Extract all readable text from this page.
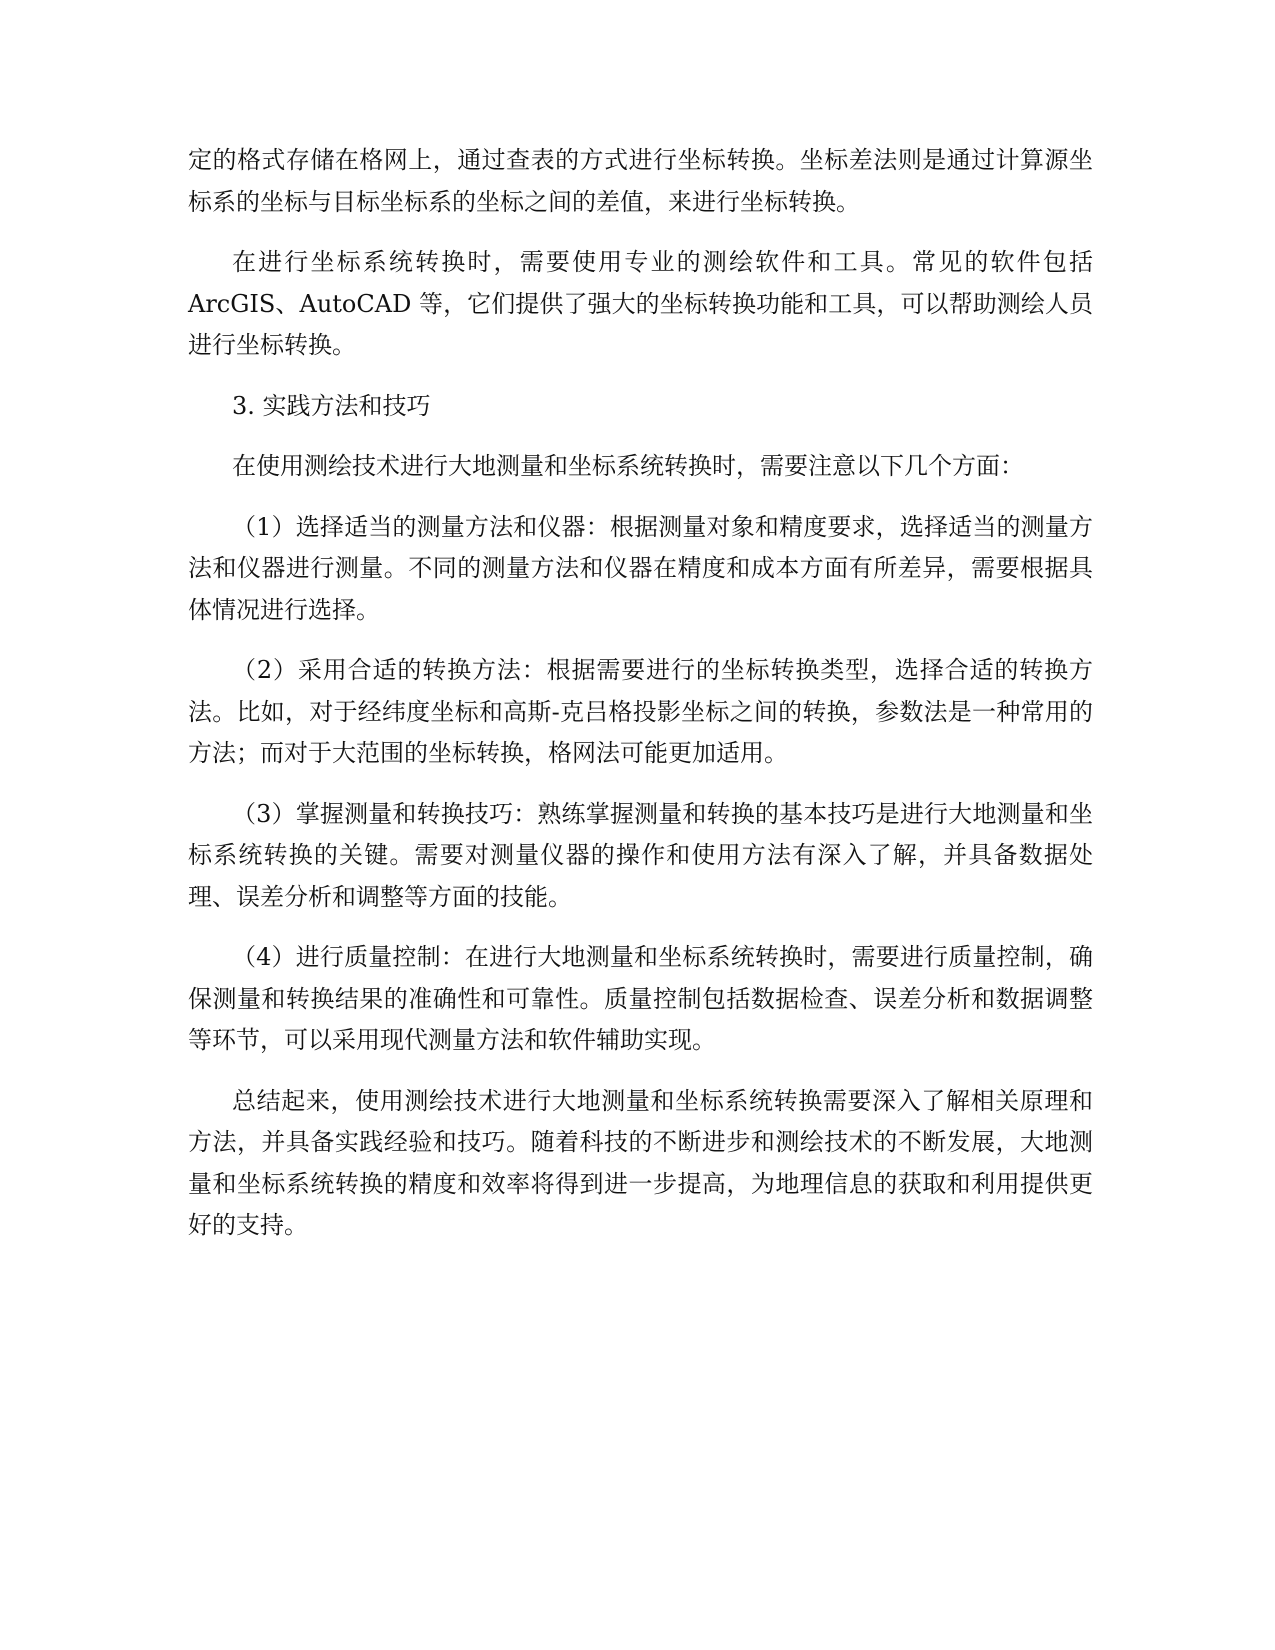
定的格式存储在格网上，通过查表的方式进行坐标转换。坐标差法则是通过计算源坐标系的坐标与目标坐标系的坐标之间的差值，来进行坐标转换。

在进行坐标系统转换时，需要使用专业的测绘软件和工具。常见的软件包括ArcGIS、AutoCAD 等，它们提供了强大的坐标转换功能和工具，可以帮助测绘人员进行坐标转换。

3. 实践方法和技巧

在使用测绘技术进行大地测量和坐标系统转换时，需要注意以下几个方面：

（1）选择适当的测量方法和仪器：根据测量对象和精度要求，选择适当的测量方法和仪器进行测量。不同的测量方法和仪器在精度和成本方面有所差异，需要根据具体情况进行选择。

（2）采用合适的转换方法：根据需要进行的坐标转换类型，选择合适的转换方法。比如，对于经纬度坐标和高斯-克吕格投影坐标之间的转换，参数法是一种常用的方法；而对于大范围的坐标转换，格网法可能更加适用。

（3）掌握测量和转换技巧：熟练掌握测量和转换的基本技巧是进行大地测量和坐标系统转换的关键。需要对测量仪器的操作和使用方法有深入了解，并具备数据处理、误差分析和调整等方面的技能。

（4）进行质量控制：在进行大地测量和坐标系统转换时，需要进行质量控制，确保测量和转换结果的准确性和可靠性。质量控制包括数据检查、误差分析和数据调整等环节，可以采用现代测量方法和软件辅助实现。

总结起来，使用测绘技术进行大地测量和坐标系统转换需要深入了解相关原理和方法，并具备实践经验和技巧。随着科技的不断进步和测绘技术的不断发展，大地测量和坐标系统转换的精度和效率将得到进一步提高，为地理信息的获取和利用提供更好的支持。
